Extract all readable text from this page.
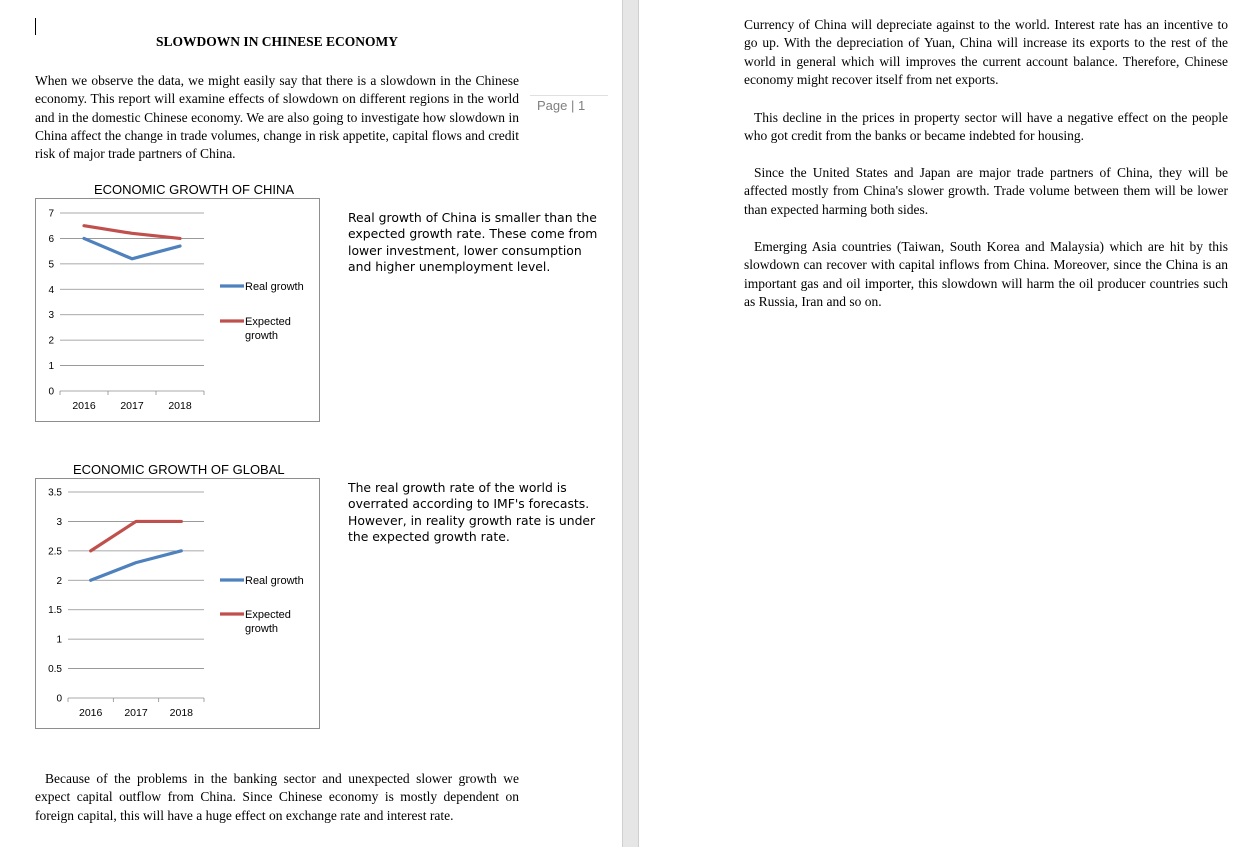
SLOWDOWN IN CHINESE ECONOMY

When we observe the data, we might easily say that there is a slowdown in the Chinese economy. This report will examine effects of slowdown on different regions in the world and in the domestic Chinese economy. We are also going to investigate how slowdown in China affect the change in trade volumes, change in risk appetite, capital flows and credit risk of major trade partners of China.

Page | 1
ECONOMIC GROWTH OF CHINA
0
1
2
3
4
5
6
7
2016 2017 2018
Real growth
Expected growth

Real growth of China is smaller than the expected growth rate. These come from lower investment, lower consumption and higher unemployment level.

ECONOMIC GROWTH OF GLOBAL
0
0.5
1
1.5
2
2.5
3
3.5
2016 2017 2018
Real growth
Expected growth

The real growth rate of the world is overrated according to IMF's forecasts. However, in reality growth rate is under the expected growth rate.

Because of the problems in the banking sector and unexpected slower growth we expect capital outflow from China. Since Chinese economy is mostly dependent on foreign capital, this will have a huge effect on exchange rate and interest rate.

Currency of China will depreciate against to the world. Interest rate has an incentive to go up. With the depreciation of Yuan, China will increase its exports to the rest of the world in general which will improves the current account balance. Therefore, Chinese economy might recover itself from net exports.

This decline in the prices in property sector will have a negative effect on the people who got credit from the banks or became indebted for housing.

Since the United States and Japan are major trade partners of China, they will be affected mostly from China's slower growth. Trade volume between them will be lower than expected harming both sides.

Emerging Asia countries (Taiwan, South Korea and Malaysia) which are hit by this slowdown can recover with capital inflows from China. Moreover, since the China is an important gas and oil importer, this slowdown will harm the oil producer countries such as Russia, Iran and so on.
